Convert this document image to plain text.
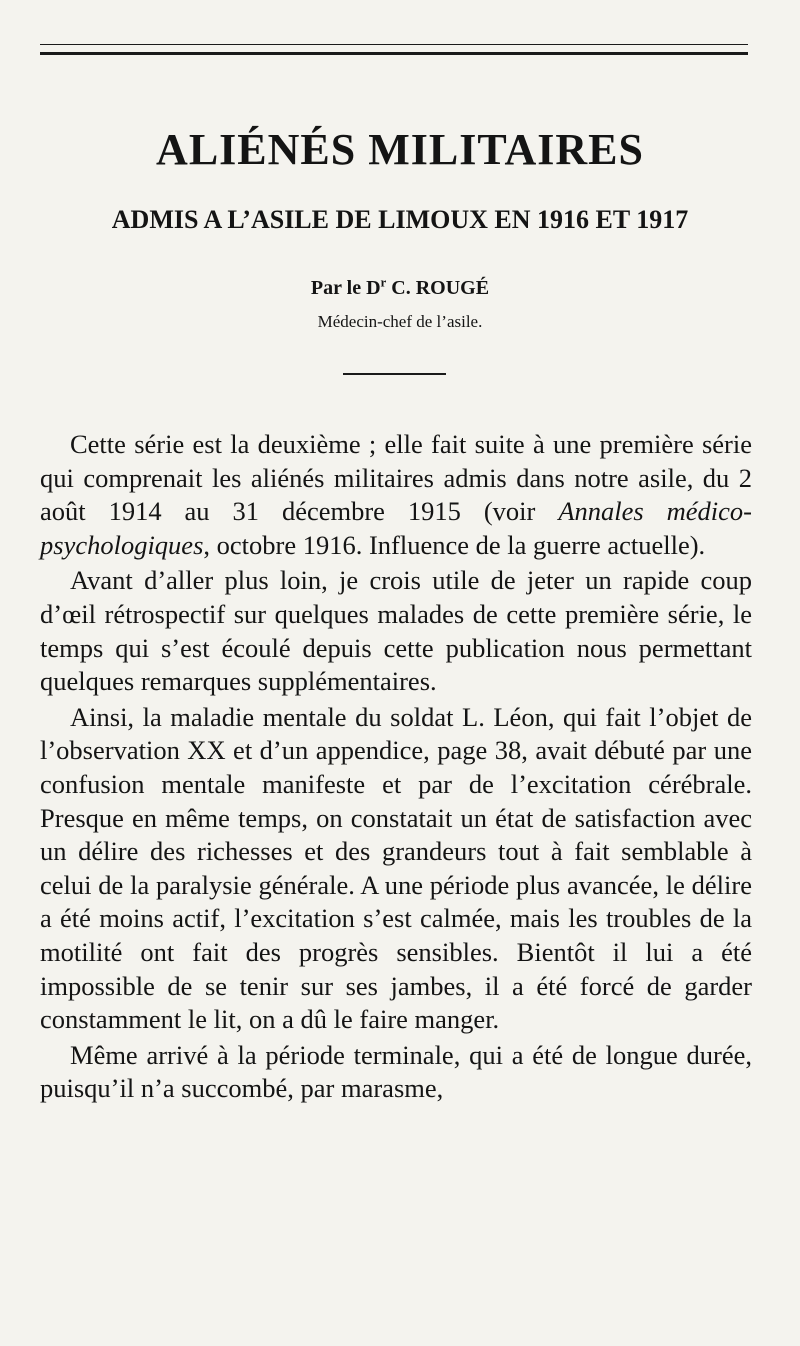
ALIÉNÉS MILITAIRES
ADMIS A L’ASILE DE LIMOUX EN 1916 ET 1917
Par le $D^r$ C. ROUGÉ
Médecin-chef de l’asile.

Cette série est la deuxième ; elle fait suite à une première série qui comprenait les aliénés militaires admis dans notre asile, du 2 août 1914 au 31 décembre 1915 (voir Annales médico-psychologiques, octobre 1916. Influence de la guerre actuelle).

Avant d’aller plus loin, je crois utile de jeter un rapide coup d’œil rétrospectif sur quelques malades de cette première série, le temps qui s’est écoulé depuis cette publication nous permettant quelques remarques supplémentaires.

Ainsi, la maladie mentale du soldat L. Léon, qui fait l’objet de l’observation XX et d’un appendice, page 38, avait débuté par une confusion mentale manifeste et par de l’excitation cérébrale. Presque en même temps, on constatait un état de satisfaction avec un délire des richesses et des grandeurs tout à fait semblable à celui de la paralysie générale. A une période plus avancée, le délire a été moins actif, l’excitation s’est calmée, mais les troubles de la motilité ont fait des progrès sensibles. Bientôt il lui a été impossible de se tenir sur ses jambes, il a été forcé de garder constamment le lit, on a dû le faire manger.

Même arrivé à la période terminale, qui a été de longue durée, puisqu’il n’a succombé, par marasme,
